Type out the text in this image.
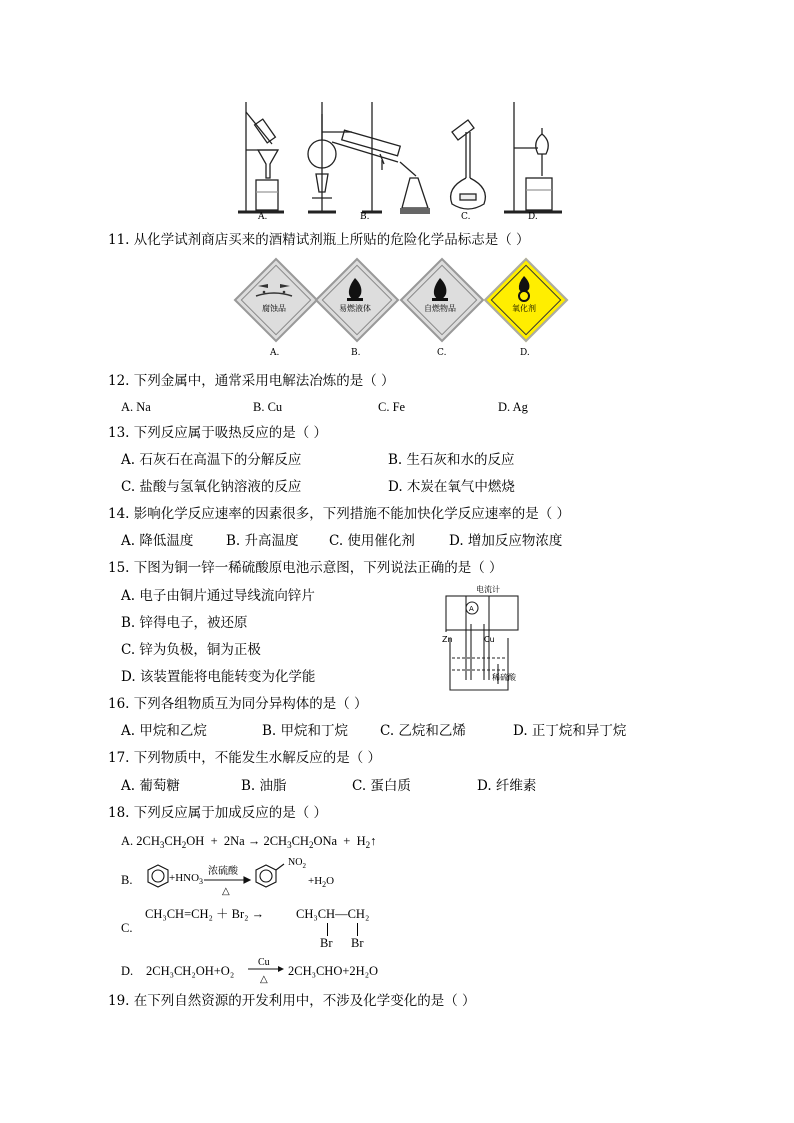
A.	B.	C.	D.
11. 从化学试剂商店买来的酒精试剂瓶上所贴的危险化学品标志是（ ）
腐蚀品	易燃液体	自燃物品	氧化剂
A.	B.	C.	D.
12. 下列金属中，通常采用电解法冶炼的是（ ）
A. Na	B. Cu	C. Fe	D. Ag
13. 下列反应属于吸热反应的是（ ）
A. 石灰石在高温下的分解反应	B. 生石灰和水的反应
C. 盐酸与氢氧化钠溶液的反应	D. 木炭在氧气中燃烧
14. 影响化学反应速率的因素很多，下列措施不能加快化学反应速率的是（ ）
A. 降低温度 B. 升高温度 C. 使用催化剂	D. 增加反应物浓度
15. 下图为铜一锌一稀硫酸原电池示意图，下列说法正确的是（ ）
A. 电子由铜片通过导线流向锌片
B. 锌得电子，被还原
C. 锌为负极，铜为正极
D. 该装置能将电能转变为化学能
电流计
A
Zn	Cu
稀硫酸
16. 下列各组物质互为同分异构体的是（ ）
A. 甲烷和乙烷	B. 甲烷和丁烷 C. 乙烷和乙烯	D. 正丁烷和异丁烷
17. 下列物质中，不能发生水解反应的是（ ）
A. 葡萄糖	B. 油脂	C. 蛋白质	D. 纤维素
18. 下列反应属于加成反应的是（ ）
A. $2CH_3CH_2OH + 2Na \to 2CH_3CH_2ONa$  +  $H_2↑$
B.	$+HNO_3$
浓硫酸
△
$NO_2$
$+H_2O$
C.
CH₃CH=CH₂ ＋ Br₂ →	CH₃CH—CH₂
Br Br
D. 2CH₃CH₂OH+O₂
Cu
△
2CH₃CHO+2H₂O
19. 在下列自然资源的开发利用中，不涉及化学变化的是（ ）
